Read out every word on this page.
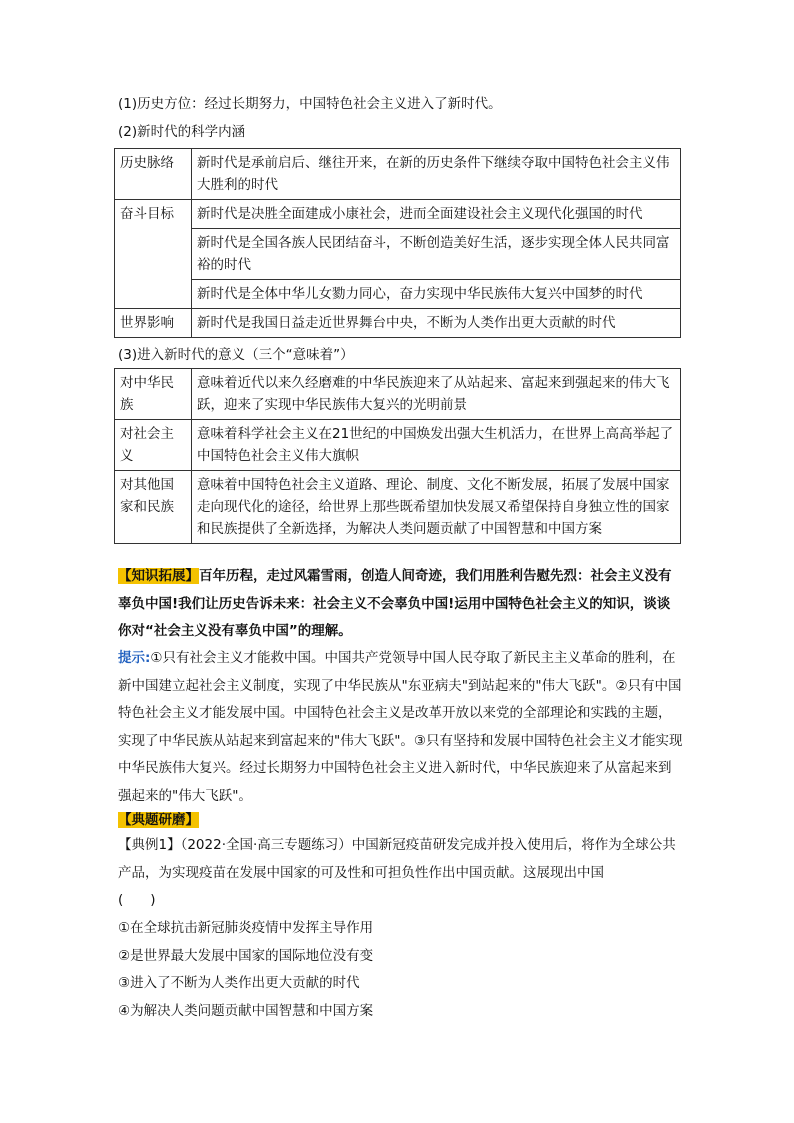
(1)历史方位：经过长期努力，中国特色社会主义进入了新时代。
(2)新时代的科学内涵
历史脉络	新时代是承前启后、继往开来，在新的历史条件下继续夺取中国特色社会主义伟大胜利的时代
奋斗目标	新时代是决胜全面建成小康社会，进而全面建设社会主义现代化强国的时代
	新时代是全国各族人民团结奋斗，不断创造美好生活，逐步实现全体人民共同富裕的时代
	新时代是全体中华儿女勠力同心，奋力实现中华民族伟大复兴中国梦的时代
世界影响	新时代是我国日益走近世界舞台中央，不断为人类作出更大贡献的时代
(3)进入新时代的意义（三个“意味着”）
对中华民族	意味着近代以来久经磨难的中华民族迎来了从站起来、富起来到强起来的伟大飞跃，迎来了实现中华民族伟大复兴的光明前景
对社会主义	意味着科学社会主义在21世纪的中国焕发出强大生机活力，在世界上高高举起了中国特色社会主义伟大旗帜
对其他国家和民族	意味着中国特色社会主义道路、理论、制度、文化不断发展，拓展了发展中国家走向现代化的途径，给世界上那些既希望加快发展又希望保持自身独立性的国家和民族提供了全新选择，为解决人类问题贡献了中国智慧和中国方案
【知识拓展】百年历程，走过风霜雪雨，创造人间奇迹，我们用胜利告慰先烈：社会主义没有辜负中国!我们让历史告诉未来：社会主义不会辜负中国!运用中国特色社会主义的知识，谈谈你对“社会主义没有辜负中国”的理解。
提示:①只有社会主义才能救中国。中国共产党领导中国人民夺取了新民主主义革命的胜利，在新中国建立起社会主义制度，实现了中华民族从"东亚病夫"到站起来的"伟大飞跃"。②只有中国特色社会主义才能发展中国。中国特色社会主义是改革开放以来党的全部理论和实践的主题，实现了中华民族从站起来到富起来的"伟大飞跃"。③只有坚持和发展中国特色社会主义才能实现中华民族伟大复兴。经过长期努力中国特色社会主义进入新时代，中华民族迎来了从富起来到强起来的"伟大飞跃"。
【典题研磨】
【典例1】（2022·全国·高三专题练习）中国新冠疫苗研发完成并投入使用后，将作为全球公共产品，为实现疫苗在发展中国家的可及性和可担负性作出中国贡献。这展现出中国
(　　)
①在全球抗击新冠肺炎疫情中发挥主导作用
②是世界最大发展中国家的国际地位没有变
③进入了不断为人类作出更大贡献的时代
④为解决人类问题贡献中国智慧和中国方案
